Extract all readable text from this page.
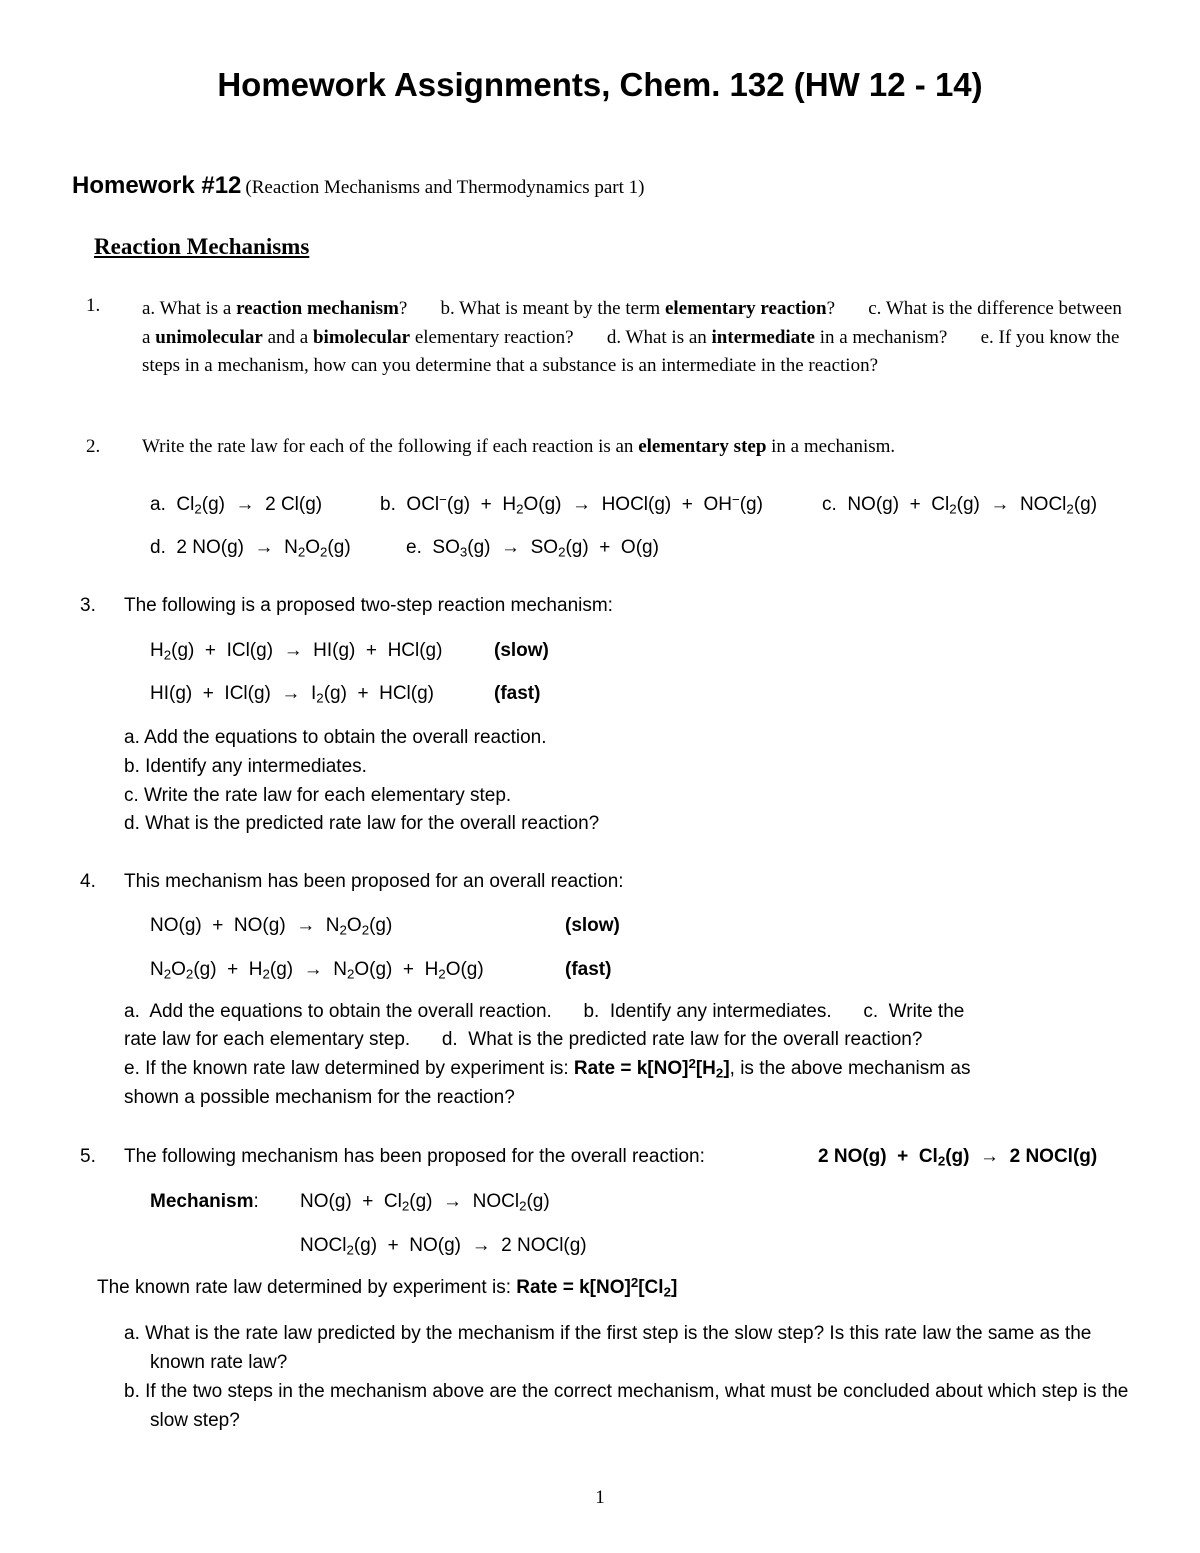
Homework Assignments, Chem. 132 (HW 12 - 14)
Homework #12 (Reaction Mechanisms and Thermodynamics part 1)
Reaction Mechanisms
1. a. What is a reaction mechanism? b. What is meant by the term elementary reaction? c. What is the difference between a unimolecular and a bimolecular elementary reaction? d. What is an intermediate in a mechanism? e. If you know the steps in a mechanism, how can you determine that a substance is an intermediate in the reaction?
2. Write the rate law for each of the following if each reaction is an elementary step in a mechanism.
a.  $Cl_2(g) \to 2$ Cl(g)	b.  $OCl^-(g) + H_2O(g)$  →  HOCl(g)  +  OH−(g)	c.  $NO(g) + Cl_2(g)$  →  NOCl$_2$(g)
d.  2 $NO(g) \to N_2O_2(g)$	e.  $SO_3(g) \to SO_2(g) + O(g)$
3. The following is a proposed two-step reaction mechanism:
$H_2(g) + ICl(g) \to HI(g) + HCl(g)$	(slow)
$HI(g) + ICl(g) \to I_2(g) + HCl(g)$	(fast)
a. Add the equations to obtain the overall reaction.
b. Identify any intermediates.
c. Write the rate law for each elementary step.
d. What is the predicted rate law for the overall reaction?
4. This mechanism has been proposed for an overall reaction:
$NO(g) + NO(g) \to N_2O_2(g)$	(slow)
$N_2O_2(g) + H_2(g) \to N_2O(g) + H_2O(g)$	(fast)
a.  Add the equations to obtain the overall reaction.      b.  Identify any intermediates.      c.  Write the
rate law for each elementary step.      d.  What is the predicted rate law for the overall reaction?
e. If the known rate law determined by experiment is: Rate = $k[NO]^2[H_2]$, is the above mechanism as
shown a possible mechanism for the reaction?
5. The following mechanism has been proposed for the overall reaction:	2 $NO(g) + Cl_2(g) \to 2$ NOCl(g)
Mechanism: $NO(g) + Cl_2(g)$  →  NOCl$_2$(g)
NOCl$_2$(g)  +  NO(g)  →  2 NOCl(g)
The known rate law determined by experiment is: Rate = $k[NO]^2[Cl_2]$
a. What is the rate law predicted by the mechanism if the first step is the slow step? Is this rate law the same as the known rate law?
b. If the two steps in the mechanism above are the correct mechanism, what must be concluded about which step is the slow step?
1
